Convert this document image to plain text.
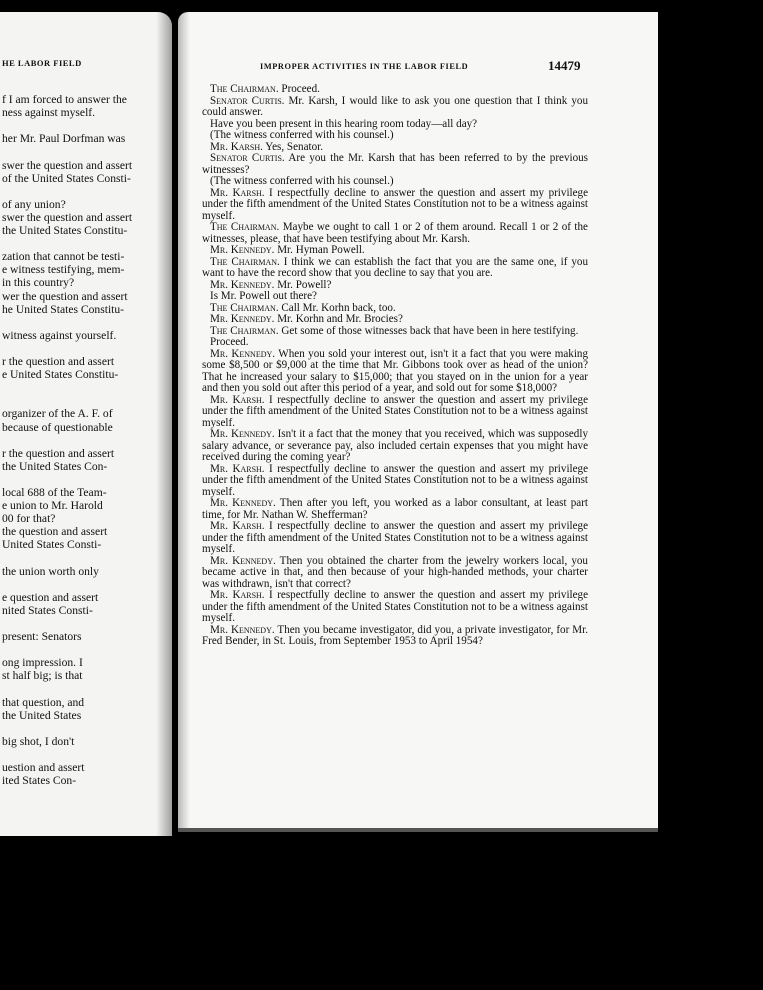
HE LABOR FIELD
f I am forced to answer the
ness against myself.
her Mr. Paul Dorfman was
swer the question and assert
of the United States Consti-
of any union?
swer the question and assert
the United States Constitu-
zation that cannot be testi-
e witness testifying, mem-
in this country?
wer the question and assert
he United States Constitu-
witness against yourself.
r the question and assert
e United States Constitu-
organizer of the A. F. of
because of questionable
r the question and assert
the United States Con-
local 688 of the Team-
e union to Mr. Harold
00 for that?
the question and assert
United States Consti-
the union worth only
e question and assert
nited States Consti-
present: Senators
ong impression. I
st half big; is that
that question, and
the United States
big shot, I don't
uestion and assert
ited States Con-
IMPROPER ACTIVITIES IN THE LABOR FIELD	14479

The Chairman. Proceed.

Senator Curtis. Mr. Karsh, I would like to ask you one question that I think you could answer.

Have you been present in this hearing room today—all day?

(The witness conferred with his counsel.)

Mr. Karsh. Yes, Senator.

Senator Curtis. Are you the Mr. Karsh that has been referred to by the previous witnesses?

(The witness conferred with his counsel.)

Mr. Karsh. I respectfully decline to answer the question and assert my privilege under the fifth amendment of the United States Constitution not to be a witness against myself.

The Chairman. Maybe we ought to call 1 or 2 of them around. Recall 1 or 2 of the witnesses, please, that have been testifying about Mr. Karsh.

Mr. Kennedy. Mr. Hyman Powell.

The Chairman. I think we can establish the fact that you are the same one, if you want to have the record show that you decline to say that you are.

Mr. Kennedy. Mr. Powell?

Is Mr. Powell out there?

The Chairman. Call Mr. Korhn back, too.

Mr. Kennedy. Mr. Korhn and Mr. Brocies?

The Chairman. Get some of those witnesses back that have been in here testifying.

Proceed.

Mr. Kennedy. When you sold your interest out, isn't it a fact that you were making some $8,500 or $9,000 at the time that Mr. Gibbons took over as head of the union? That he increased your salary to $15,000; that you stayed on in the union for a year and then you sold out after this period of a year, and sold out for some $18,000?

Mr. Karsh. I respectfully decline to answer the question and assert my privilege under the fifth amendment of the United States Constitution not to be a witness against myself.

Mr. Kennedy. Isn't it a fact that the money that you received, which was supposedly salary advance, or severance pay, also included certain expenses that you might have received during the coming year?

Mr. Karsh. I respectfully decline to answer the question and assert my privilege under the fifth amendment of the United States Constitution not to be a witness against myself.

Mr. Kennedy. Then after you left, you worked as a labor consultant, at least part time, for Mr. Nathan W. Shefferman?

Mr. Karsh. I respectfully decline to answer the question and assert my privilege under the fifth amendment of the United States Constitution not to be a witness against myself.

Mr. Kennedy. Then you obtained the charter from the jewelry workers local, you became active in that, and then because of your high-handed methods, your charter was withdrawn, isn't that correct?

Mr. Karsh. I respectfully decline to answer the question and assert my privilege under the fifth amendment of the United States Constitution not to be a witness against myself.

Mr. Kennedy. Then you became investigator, did you, a private investigator, for Mr. Fred Bender, in St. Louis, from September 1953 to April 1954?
